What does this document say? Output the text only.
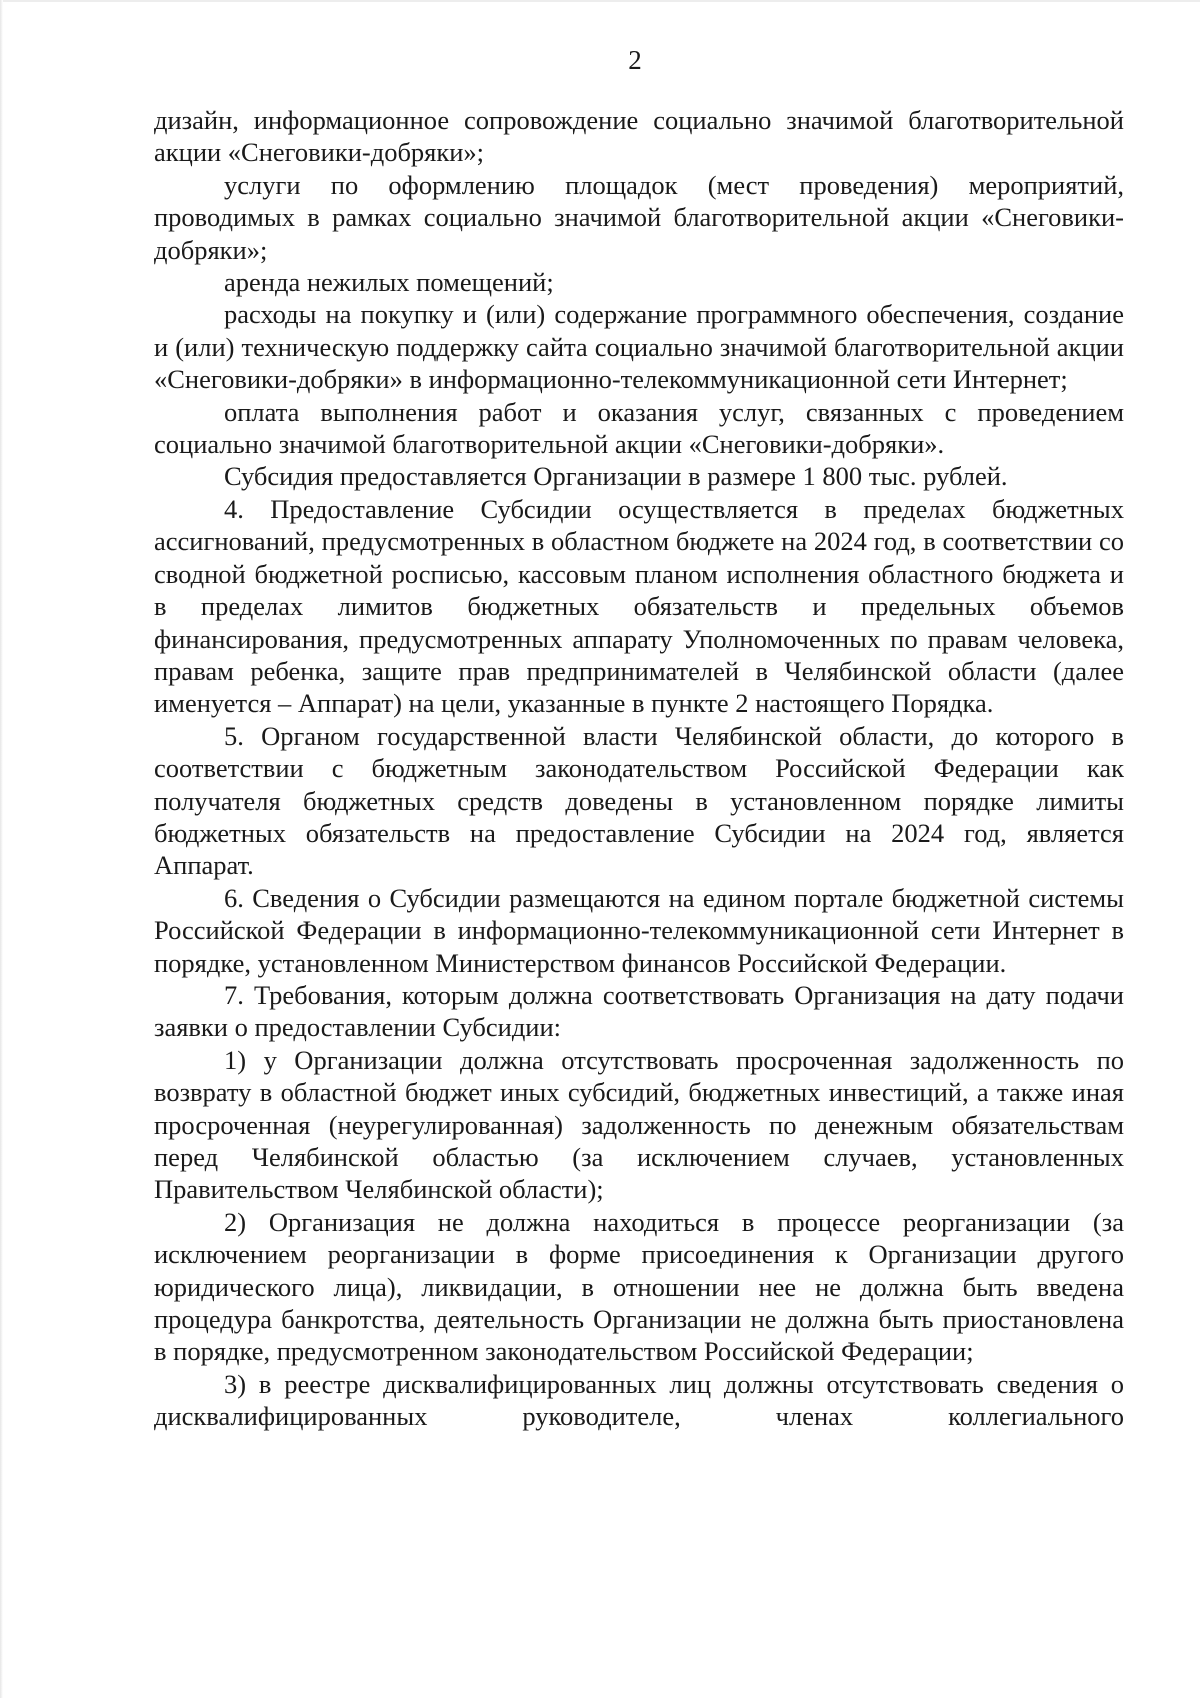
2

дизайн, информационное сопровождение социально значимой благотворительной акции «Снеговики-добряки»;

услуги по оформлению площадок (мест проведения) мероприятий, проводимых в рамках социально значимой благотворительной акции «Снеговики-добряки»;

аренда нежилых помещений;

расходы на покупку и (или) содержание программного обеспечения, создание и (или) техническую поддержку сайта социально значимой благотворительной акции «Снеговики-добряки» в информационно-телекоммуникационной сети Интернет;

оплата выполнения работ и оказания услуг, связанных с проведением социально значимой благотворительной акции «Снеговики-добряки».

Субсидия предоставляется Организации в размере 1 800 тыс. рублей.

4. Предоставление Субсидии осуществляется в пределах бюджетных ассигнований, предусмотренных в областном бюджете на 2024 год, в соответствии со сводной бюджетной росписью, кассовым планом исполнения областного бюджета и в пределах лимитов бюджетных обязательств и предельных объемов финансирования, предусмотренных аппарату Уполномоченных по правам человека, правам ребенка, защите прав предпринимателей в Челябинской области (далее именуется – Аппарат) на цели, указанные в пункте 2 настоящего Порядка.

5. Органом государственной власти Челябинской области, до которого в соответствии с бюджетным законодательством Российской Федерации как получателя бюджетных средств доведены в установленном порядке лимиты бюджетных обязательств на предоставление Субсидии на 2024 год, является Аппарат.

6. Сведения о Субсидии размещаются на едином портале бюджетной системы Российской Федерации в информационно-телекоммуникационной сети Интернет в порядке, установленном Министерством финансов Российской Федерации.

7. Требования, которым должна соответствовать Организация на дату подачи заявки о предоставлении Субсидии:

1) у Организации должна отсутствовать просроченная задолженность по возврату в областной бюджет иных субсидий, бюджетных инвестиций, а также иная просроченная (неурегулированная) задолженность по денежным обязательствам перед Челябинской областью (за исключением случаев, установленных Правительством Челябинской области);

2) Организация не должна находиться в процессе реорганизации (за исключением реорганизации в форме присоединения к Организации другого юридического лица), ликвидации, в отношении нее не должна быть введена процедура банкротства, деятельность Организации не должна быть приостановлена в порядке, предусмотренном законодательством Российской Федерации;

3) в реестре дисквалифицированных лиц должны отсутствовать сведения о дисквалифицированных руководителе, членах коллегиального
